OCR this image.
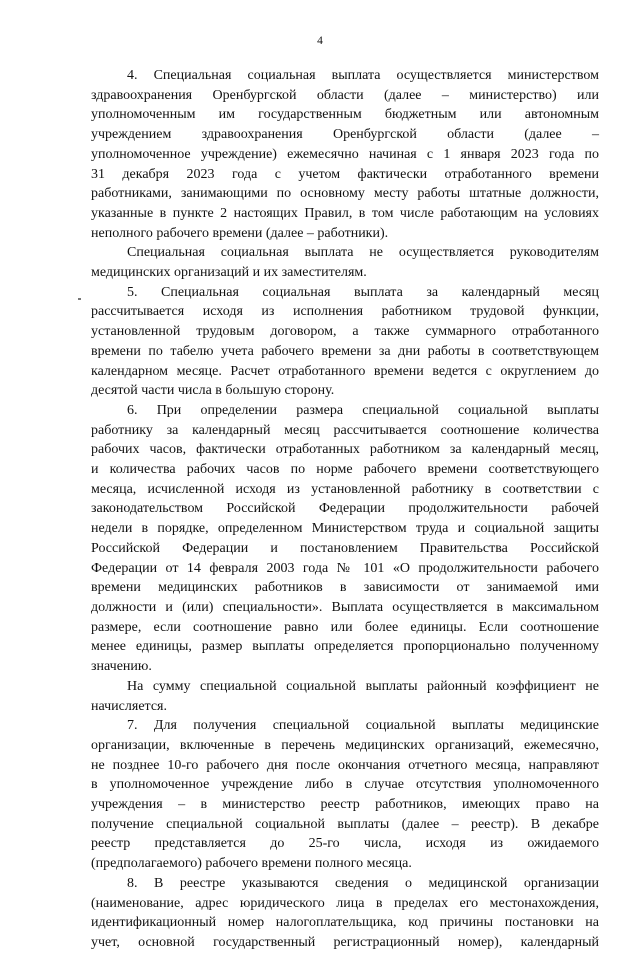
4

4. Специальная социальная выплата осуществляется министерством

здравоохранения Оренбургской области (далее – министерство) или

уполномоченным им государственным бюджетным или автономным

учреждением здравоохранения Оренбургской области (далее –

уполномоченное учреждение) ежемесячно начиная с 1 января 2023 года по

31 декабря 2023 года с учетом фактически отработанного времени

работниками, занимающими по основному месту работы штатные должности,

указанные в пункте 2 настоящих Правил, в том числе работающим на условиях

неполного рабочего времени (далее – работники).

Специальная социальная выплата не осуществляется руководителям

медицинских организаций и их заместителям.

5. Специальная социальная выплата за календарный месяц

рассчитывается исходя из исполнения работником трудовой функции,

установленной трудовым договором, а также суммарного отработанного

времени по табелю учета рабочего времени за дни работы в соответствующем

календарном месяце. Расчет отработанного времени ведется с округлением до

десятой части числа в большую сторону.

6. При определении размера специальной социальной выплаты

работнику за календарный месяц рассчитывается соотношение количества

рабочих часов, фактически отработанных работником за календарный месяц,

и количества рабочих часов по норме рабочего времени соответствующего

месяца, исчисленной исходя из установленной работнику в соответствии с

законодательством Российской Федерации продолжительности рабочей

недели в порядке, определенном Министерством труда и социальной защиты

Российской Федерации и постановлением Правительства Российской

Федерации от 14 февраля 2003 года № 101 «О продолжительности рабочего

времени медицинских работников в зависимости от занимаемой ими

должности и (или) специальности». Выплата осуществляется в максимальном

размере, если соотношение равно или более единицы. Если соотношение

менее единицы, размер выплаты определяется пропорционально полученному

значению.

На сумму специальной социальной выплаты районный коэффициент не

начисляется.

7. Для получения специальной социальной выплаты медицинские

организации, включенные в перечень медицинских организаций, ежемесячно,

не позднее 10-го рабочего дня после окончания отчетного месяца, направляют

в уполномоченное учреждение либо в случае отсутствия уполномоченного

учреждения – в министерство реестр работников, имеющих право на

получение специальной социальной выплаты (далее – реестр). В декабре

реестр представляется до 25-го числа, исходя из ожидаемого

(предполагаемого) рабочего времени полного месяца.

8. В реестре указываются сведения о медицинской организации

(наименование, адрес юридического лица в пределах его местонахождения,

идентификационный номер налогоплательщика, код причины постановки на

учет, основной государственный регистрационный номер), календарный
